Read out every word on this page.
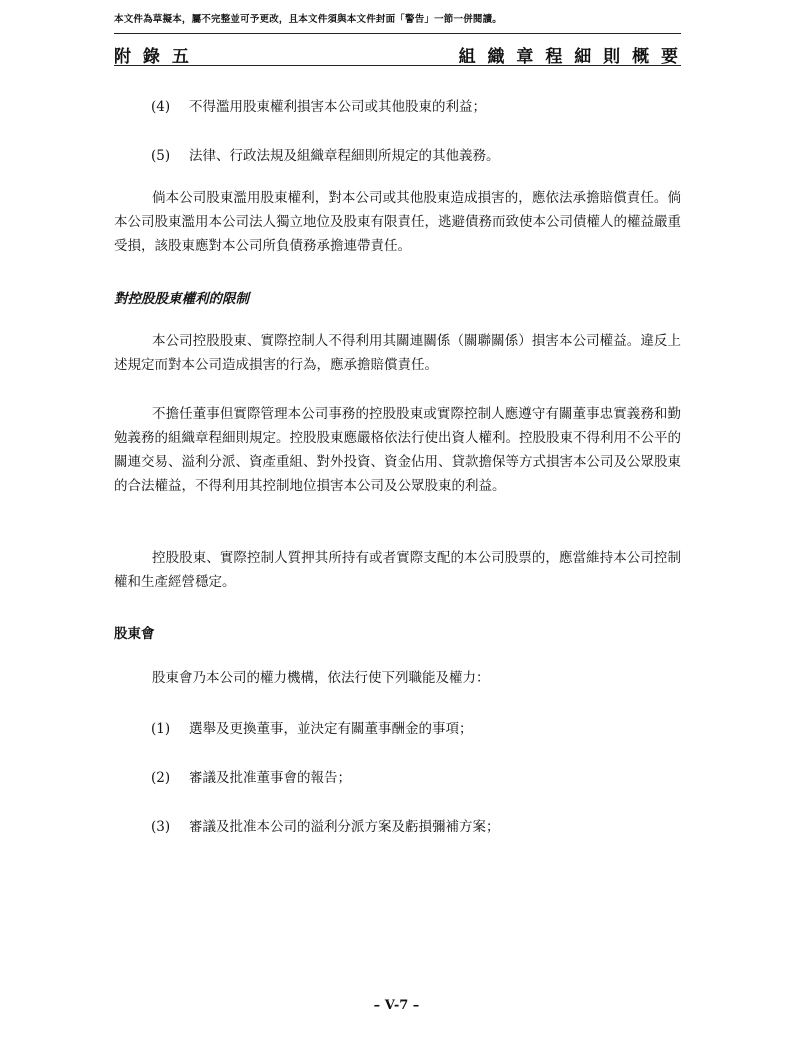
本文件為草擬本，屬不完整並可予更改，且本文件須與本文件封面「警告」一節一併閱讀。
附 錄 五	組 織 章 程 細 則 概 要
(4) 不得濫用股東權利損害本公司或其他股東的利益；
(5) 法律、行政法規及組織章程細則所規定的其他義務。

倘本公司股東濫用股東權利，對本公司或其他股東造成損害的，應依法承擔賠償責任。倘本公司股東濫用本公司法人獨立地位及股東有限責任，逃避債務而致使本公司債權人的權益嚴重受損，該股東應對本公司所負債務承擔連帶責任。

對控股股東權利的限制

本公司控股股東、實際控制人不得利用其關連關係（關聯關係）損害本公司權益。違反上述規定而對本公司造成損害的行為，應承擔賠償責任。

不擔任董事但實際管理本公司事務的控股股東或實際控制人應遵守有關董事忠實義務和勤勉義務的組織章程細則規定。控股股東應嚴格依法行使出資人權利。控股股東不得利用不公平的關連交易、溢利分派、資產重組、對外投資、資金佔用、貸款擔保等方式損害本公司及公眾股東的合法權益，不得利用其控制地位損害本公司及公眾股東的利益。

控股股東、實際控制人質押其所持有或者實際支配的本公司股票的，應當維持本公司控制權和生產經營穩定。

股東會

股東會乃本公司的權力機構，依法行使下列職能及權力：

(1) 選舉及更換董事，並決定有關董事酬金的事項；
(2) 審議及批准董事會的報告；
(3) 審議及批准本公司的溢利分派方案及虧損彌補方案；
– V-7 –
